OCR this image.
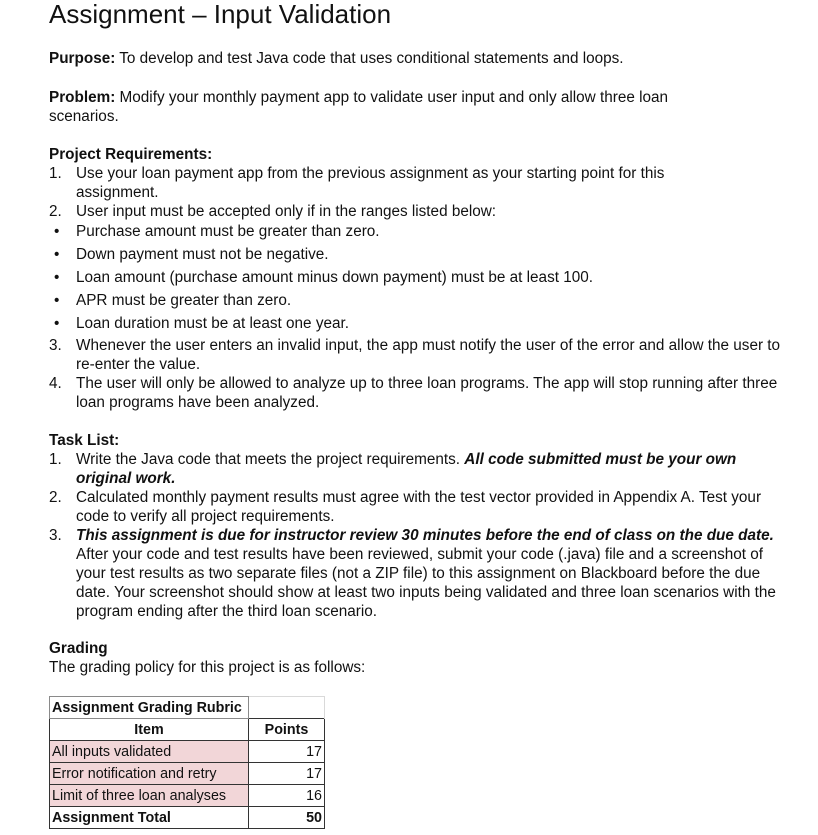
Assignment – Input Validation

Purpose: To develop and test Java code that uses conditional statements and loops.

Problem: Modify your monthly payment app to validate user input and only allow three loan scenarios.

Project Requirements:

1. Use your loan payment app from the previous assignment as your starting point for this assignment.
2. User input must be accepted only if in the ranges listed below:
• Purchase amount must be greater than zero.
• Down payment must not be negative.
• Loan amount (purchase amount minus down payment) must be at least 100.
• APR must be greater than zero.
• Loan duration must be at least one year.
3. Whenever the user enters an invalid input, the app must notify the user of the error and allow the user to re-enter the value.
4. The user will only be allowed to analyze up to three loan programs. The app will stop running after three loan programs have been analyzed.

Task List:

1. Write the Java code that meets the project requirements. All code submitted must be your own original work.
2. Calculated monthly payment results must agree with the test vector provided in Appendix A. Test your code to verify all project requirements.
3. This assignment is due for instructor review 30 minutes before the end of class on the due date. After your code and test results have been reviewed, submit your code (.java) file and a screenshot of your test results as two separate files (not a ZIP file) to this assignment on Blackboard before the due date. Your screenshot should show at least two inputs being validated and three loan scenarios with the program ending after the third loan scenario.

Grading

The grading policy for this project is as follows:

Assignment Grading Rubric	
Item	Points
All inputs validated	17
Error notification and retry	17
Limit of three loan analyses	16
Assignment Total	50
